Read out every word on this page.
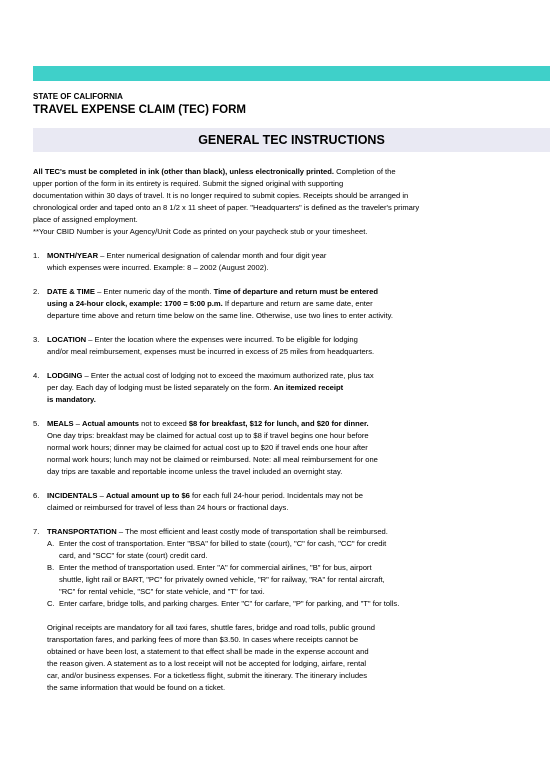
STATE OF CALIFORNIA
TRAVEL EXPENSE CLAIM (TEC) FORM
GENERAL TEC INSTRUCTIONS

All TEC's must be completed in ink (other than black), unless electronically printed. Completion of the

upper portion of the form in its entirety is required. Submit the signed original with supporting

documentation within 30 days of travel. It is no longer required to submit copies. Receipts should be arranged in

chronological order and taped onto an 8 1/2 x 11 sheet of paper. "Headquarters" is defined as the traveler's primary

place of assigned employment.

**Your CBID Number is your Agency/Unit Code as printed on your paycheck stub or your timesheet.

1.	MONTH/YEAR – Enter numerical designation of calendar month and four digit year

which expenses were incurred. Example: 8 – 2002 (August 2002).

2.	DATE & TIME – Enter numeric day of the month. Time of departure and return must be entered

using a 24-hour clock, example: 1700 = 5:00 p.m. If departure and return are same date, enter

departure time above and return time below on the same line. Otherwise, use two lines to enter activity.

3.	LOCATION – Enter the location where the expenses were incurred. To be eligible for lodging

and/or meal reimbursement, expenses must be incurred in excess of 25 miles from headquarters.

4.	LODGING – Enter the actual cost of lodging not to exceed the maximum authorized rate, plus tax

per day. Each day of lodging must be listed separately on the form. An itemized receipt

is mandatory.

5.	MEALS – Actual amounts not to exceed $8 for breakfast, $12 for lunch, and $20 for dinner.

One day trips: breakfast may be claimed for actual cost up to $8 if travel begins one hour before

normal work hours; dinner may be claimed for actual cost up to $20 if travel ends one hour after

normal work hours; lunch may not be claimed or reimbursed. Note: all meal reimbursement for one

day trips are taxable and reportable income unless the travel included an overnight stay.

6.	INCIDENTALS – Actual amount up to $6 for each full 24-hour period. Incidentals may not be

claimed or reimbursed for travel of less than 24 hours or fractional days.

7.	TRANSPORTATION – The most efficient and least costly mode of transportation shall be reimbursed.

A. Enter the cost of transportation. Enter "BSA" for billed to state (court), "C" for cash, "CC" for credit

card, and "SCC" for state (court) credit card.

B. Enter the method of transportation used. Enter "A" for commercial airlines, "B" for bus, airport

shuttle, light rail or BART, "PC" for privately owned vehicle, "R" for railway, "RA" for rental aircraft,

"RC" for rental vehicle, "SC" for state vehicle, and "T" for taxi.

C. Enter carfare, bridge tolls, and parking charges. Enter "C" for carfare, "P" for parking, and "T" for tolls.

Original receipts are mandatory for all taxi fares, shuttle fares, bridge and road tolls, public ground

transportation fares, and parking fees of more than $3.50. In cases where receipts cannot be

obtained or have been lost, a statement to that effect shall be made in the expense account and

the reason given. A statement as to a lost receipt will not be accepted for lodging, airfare, rental

car, and/or business expenses. For a ticketless flight, submit the itinerary. The itinerary includes

the same information that would be found on a ticket.
